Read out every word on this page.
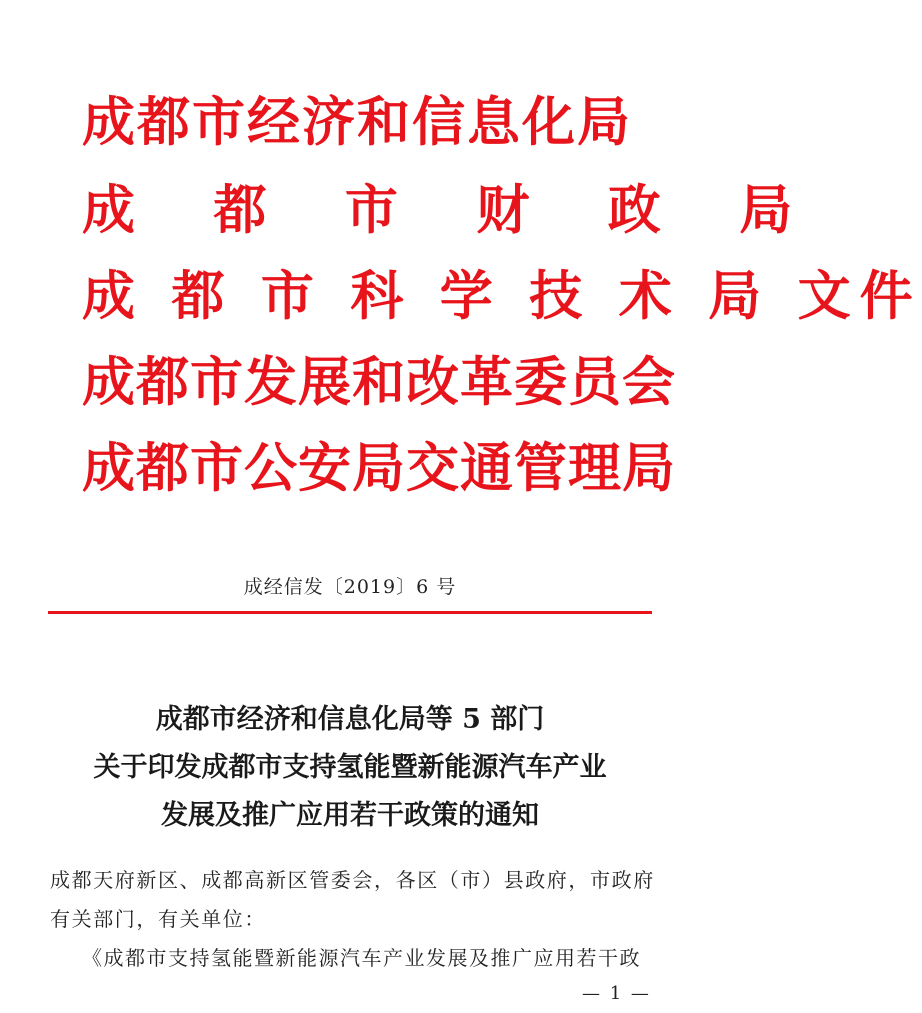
成都市经济和信息化局
成 都 市 财 政 局
成 都 市 科 学 技 术 局 文件
成都市发展和改革委员会
成都市公安局交通管理局
成经信发〔2019〕6 号
成都市经济和信息化局等 5 部门
关于印发成都市支持氢能暨新能源汽车产业
发展及推广应用若干政策的通知
成都天府新区、成都高新区管委会，各区（市）县政府，市政府
有关部门，有关单位：
《成都市支持氢能暨新能源汽车产业发展及推广应用若干政
— 1 —
